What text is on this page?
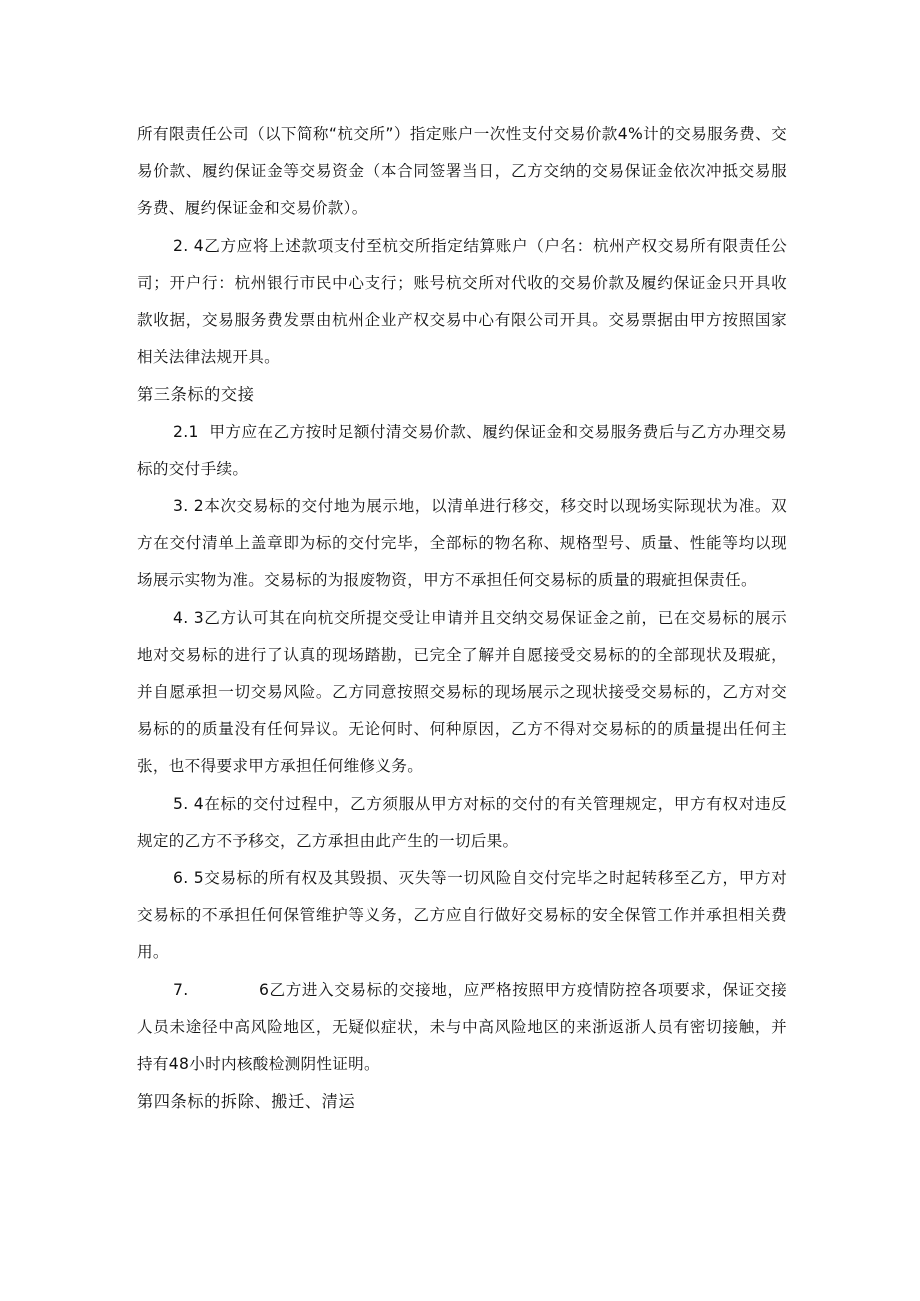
所有限责任公司（以下简称“杭交所”）指定账户一次性支付交易价款4%计的交易服务费、交易价款、履约保证金等交易资金（本合同签署当日，乙方交纳的交易保证金依次冲抵交易服务费、履约保证金和交易价款）。

2. 4乙方应将上述款项支付至杭交所指定结算账户（户名：杭州产权交易所有限责任公司；开户行：杭州银行市民中心支行；账号杭交所对代收的交易价款及履约保证金只开具收款收据，交易服务费发票由杭州企业产权交易中心有限公司开具。交易票据由甲方按照国家相关法律法规开具。

第三条标的交接

2.1  甲方应在乙方按时足额付清交易价款、履约保证金和交易服务费后与乙方办理交易标的交付手续。

3. 2本次交易标的交付地为展示地，以清单进行移交，移交时以现场实际现状为准。双方在交付清单上盖章即为标的交付完毕，全部标的物名称、规格型号、质量、性能等均以现场展示实物为准。交易标的为报废物资，甲方不承担任何交易标的质量的瑕疵担保责任。

4. 3乙方认可其在向杭交所提交受让申请并且交纳交易保证金之前，已在交易标的展示地对交易标的进行了认真的现场踏勘，已完全了解并自愿接受交易标的的全部现状及瑕疵，并自愿承担一切交易风险。乙方同意按照交易标的现场展示之现状接受交易标的，乙方对交易标的的质量没有任何异议。无论何时、何种原因，乙方不得对交易标的的质量提出任何主张，也不得要求甲方承担任何维修义务。

5. 4在标的交付过程中，乙方须服从甲方对标的交付的有关管理规定，甲方有权对违反规定的乙方不予移交，乙方承担由此产生的一切后果。

6. 5交易标的所有权及其毁损、灭失等一切风险自交付完毕之时起转移至乙方，甲方对交易标的不承担任何保管维护等义务，乙方应自行做好交易标的安全保管工作并承担相关费用。

7.	6乙方进入交易标的交接地，应严格按照甲方疫情防控各项要求，保证交接人员未途径中高风险地区，无疑似症状，未与中高风险地区的来浙返浙人员有密切接触，并持有48小时内核酸检测阴性证明。

第四条标的拆除、搬迁、清运
